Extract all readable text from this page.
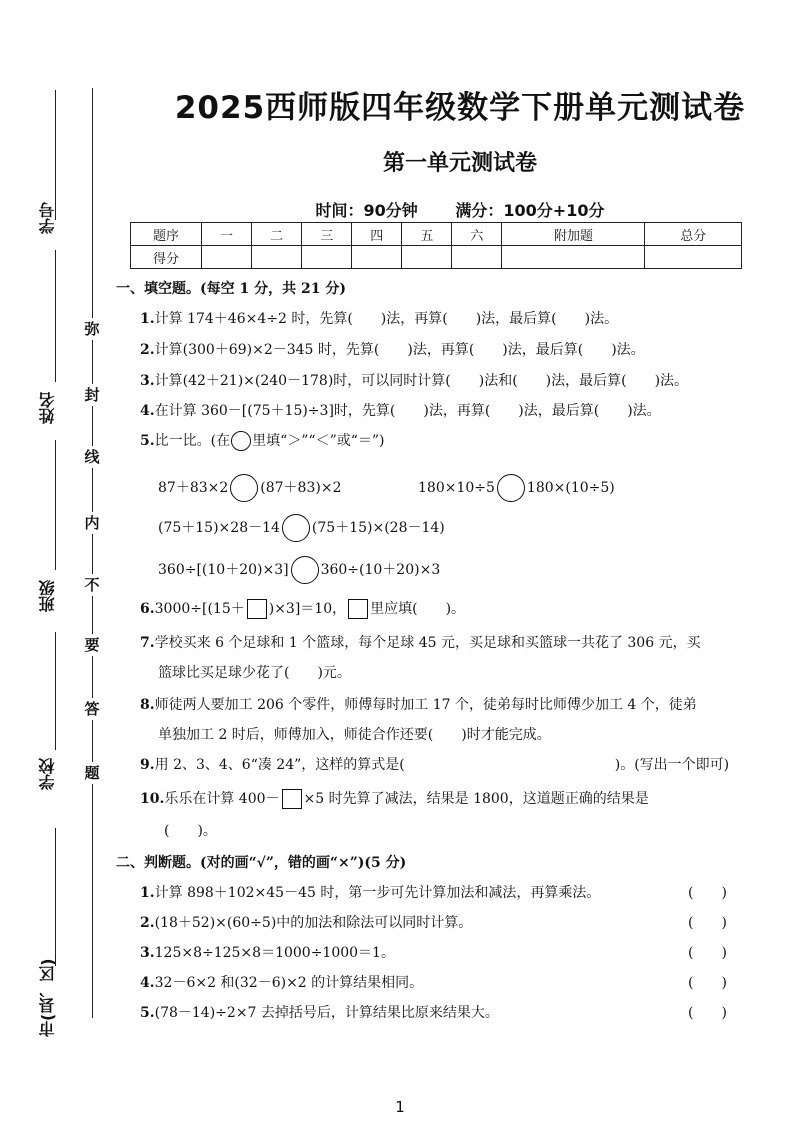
学号
姓名
班级
学校
市(县、区)
弥
封
线
内
不
要
答
题
2025西师版四年级数学下册单元测试卷
第一单元测试卷
时间：90分钟 满分：100分+10分
题序	一	二	三	四	五	六	附加题	总分
得分								
一、填空题。(每空 1 分，共 21 分)
1.计算 174＋46×4÷2 时，先算(　　)法，再算(　　)法，最后算(　　)法。
2.计算(300＋69)×2－345 时，先算(　　)法，再算(　　)法，最后算(　　)法。
3.计算(42＋21)×(240－178)时，可以同时计算(　　)法和(　　)法，最后算(　　)法。
4.在计算 360－[(75＋15)÷3]时，先算(　　)法，再算(　　)法，最后算(　　)法。
5.比一比。(在 里填“＞”“＜”或“＝”)
87＋83×2 (87＋83)×2	180×10÷5 180×(10÷5)
(75＋15)×28－14 (75＋15)×(28－14)
360÷[(10＋20)×3] 360÷(10＋20)×3
6.3000÷[(15＋ )×3]＝10， 里应填(　　)。
7.学校买来 6 个足球和 1 个篮球，每个足球 45 元，买足球和买篮球一共花了 306 元，买
篮球比买足球少花了(　　)元。
8.师徒两人要加工 206 个零件，师傅每时加工 17 个，徒弟每时比师傅少加工 4 个，徒弟
单独加工 2 时后，师傅加入，师徒合作还要(　　)时才能完成。
9.用 2、3、4、6“凑 24”，这样的算式是(　　　　　　　　　　　　　　　)。(写出一个即可)
10.乐乐在计算 400－ ×5 时先算了减法，结果是 1800，这道题正确的结果是
(　　)。
二、判断题。(对的画“√”，错的画“×”)(5 分)
1.计算 898＋102×45－45 时，第一步可先计算加法和减法，再算乘法。	(　　)
2.(18＋52)×(60÷5)中的加法和除法可以同时计算。	(　　)
3.125×8÷125×8＝1000÷1000＝1。	(　　)
4.32－6×2 和(32－6)×2 的计算结果相同。	(　　)
5.(78－14)÷2×7 去掉括号后，计算结果比原来结果大。	(　　)
1
